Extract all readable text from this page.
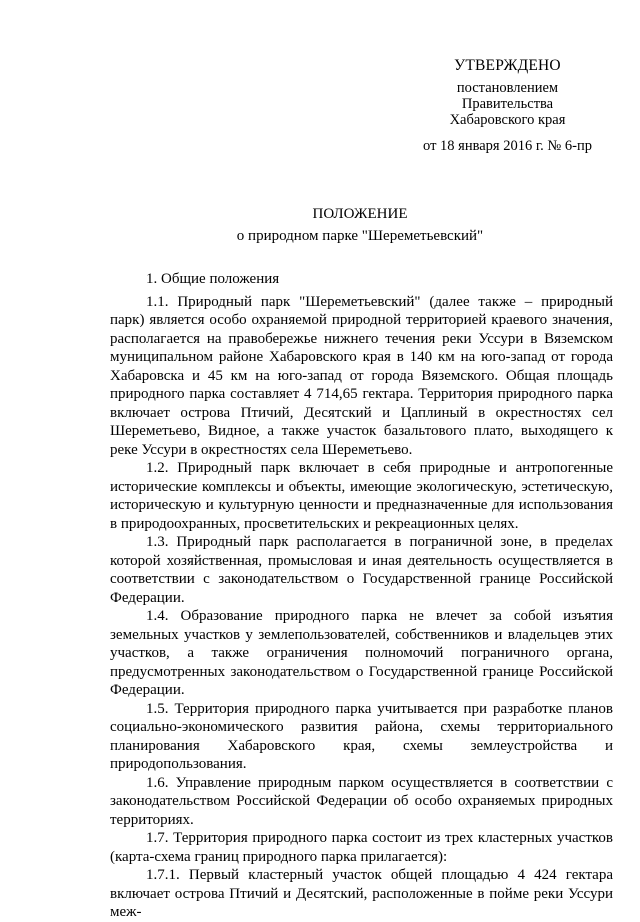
УТВЕРЖДЕНО
постановлением
Правительства
Хабаровского края
от 18 января 2016 г. № 6-пр
ПОЛОЖЕНИЕ
о природном парке "Шереметьевский"

1. Общие положения

1.1. Природный парк "Шереметьевский" (далее также – природный парк) является особо охраняемой природной территорией краевого значения, располагается на правобережье нижнего течения реки Уссури в Вяземском муниципальном районе Хабаровского края в 140 км на юго-запад от города Хабаровска и 45 км на юго-запад от города Вяземского. Общая площадь природного парка составляет 4 714,65 гектара. Территория природного парка включает острова Птичий, Десятский и Цаплиный в окрестностях сел Шереметьево, Видное, а также участок базальтового плато, выходящего к реке Уссури в окрестностях села Шереметьево.

1.2. Природный парк включает в себя природные и антропогенные исторические комплексы и объекты, имеющие экологическую, эстетическую, историческую и культурную ценности и предназначенные для использования в природоохранных, просветительских и рекреационных целях.

1.3. Природный парк располагается в пограничной зоне, в пределах которой хозяйственная, промысловая и иная деятельность осуществляется в соответствии с законодательством о Государственной границе Российской Федерации.

1.4. Образование природного парка не влечет за собой изъятия земельных участков у землепользователей, собственников и владельцев этих участков, а также ограничения полномочий пограничного органа, предусмотренных законодательством о Государственной границе Российской Федерации.

1.5. Территория природного парка учитывается при разработке планов социально-экономического развития района, схемы территориального планирования Хабаровского края, схемы землеустройства и природопользования.

1.6. Управление природным парком осуществляется в соответствии с законодательством Российской Федерации об особо охраняемых природных территориях.

1.7. Территория природного парка состоит из трех кластерных участков (карта-схема границ природного парка прилагается):

1.7.1. Первый кластерный участок общей площадью 4 424 гектара включает острова Птичий и Десятский, расположенные в пойме реки Уссури меж-
